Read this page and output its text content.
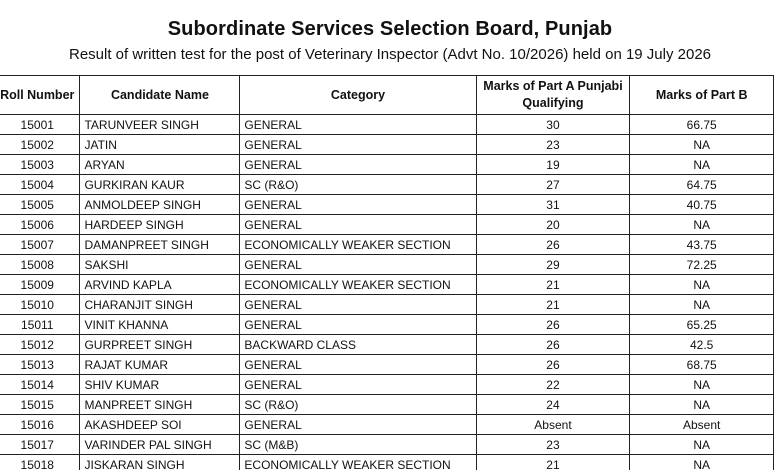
Subordinate Services Selection Board, Punjab
Result of written test for the post of Veterinary Inspector (Advt No. 10/2026) held on 19 July 2026
Roll Number	Candidate Name	Category	Marks of Part A Punjabi Qualifying	Marks of Part B
15001	TARUNVEER SINGH	GENERAL	30	66.75
15002	JATIN	GENERAL	23	NA
15003	ARYAN	GENERAL	19	NA
15004	GURKIRAN KAUR	SC (R&O)	27	64.75
15005	ANMOLDEEP SINGH	GENERAL	31	40.75
15006	HARDEEP SINGH	GENERAL	20	NA
15007	DAMANPREET SINGH	ECONOMICALLY WEAKER SECTION	26	43.75
15008	SAKSHI	GENERAL	29	72.25
15009	ARVIND KAPLA	ECONOMICALLY WEAKER SECTION	21	NA
15010	CHARANJIT SINGH	GENERAL	21	NA
15011	VINIT KHANNA	GENERAL	26	65.25
15012	GURPREET SINGH	BACKWARD CLASS	26	42.5
15013	RAJAT KUMAR	GENERAL	26	68.75
15014	SHIV KUMAR	GENERAL	22	NA
15015	MANPREET SINGH	SC (R&O)	24	NA
15016	AKASHDEEP SOI	GENERAL	Absent	Absent
15017	VARINDER PAL SINGH	SC (M&B)	23	NA
15018	JISKARAN SINGH	ECONOMICALLY WEAKER SECTION	21	NA
